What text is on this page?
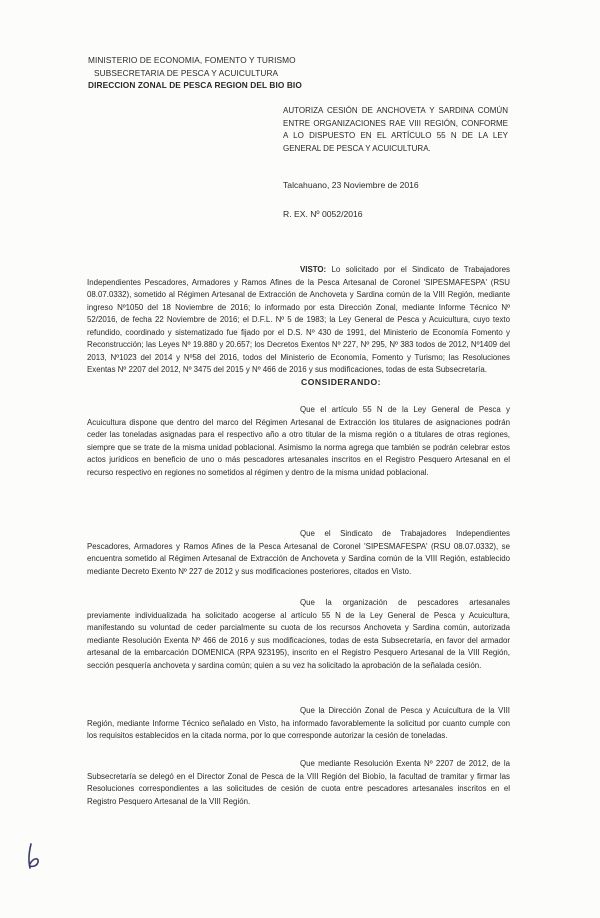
MINISTERIO DE ECONOMIA, FOMENTO Y TURISMO
SUBSECRETARIA DE PESCA Y ACUICULTURA
DIRECCION ZONAL DE PESCA REGION DEL BIO BIO
AUTORIZA CESIÓN DE ANCHOVETA Y SARDINA COMÚN ENTRE ORGANIZACIONES RAE VIII REGIÓN, CONFORME A LO DISPUESTO EN EL ARTÍCULO 55 N DE LA LEY GENERAL DE PESCA Y ACUICULTURA.
Talcahuano, 23 Noviembre de 2016
R. EX. Nº 0052/2016
VISTO: Lo solicitado por el Sindicato de Trabajadores Independientes Pescadores, Armadores y Ramos Afines de la Pesca Artesanal de Coronel 'SIPESMAFESPA' (RSU 08.07.0332), sometido al Régimen Artesanal de Extracción de Anchoveta y Sardina común de la VIII Región, mediante ingreso Nº1050 del 18 Noviembre de 2016; lo informado por esta Dirección Zonal, mediante Informe Técnico Nº 52/2016, de fecha 22 Noviembre de 2016; el D.F.L. Nº 5 de 1983; la Ley General de Pesca y Acuicultura, cuyo texto refundido, coordinado y sistematizado fue fijado por el D.S. Nº 430 de 1991, del Ministerio de Economía Fomento y Reconstrucción; las Leyes Nº 19.880 y 20.657; los Decretos Exentos Nº 227, Nº 295, Nº 383 todos de 2012, Nº1409 del 2013, Nº1023 del 2014 y Nº58 del 2016, todos del Ministerio de Economía, Fomento y Turismo; las Resoluciones Exentas Nº 2207 del 2012, Nº 3475 del 2015 y Nº 466 de 2016 y sus modificaciones, todas de esta Subsecretaría.
CONSIDERANDO:
Que el artículo 55 N de la Ley General de Pesca y Acuicultura dispone que dentro del marco del Régimen Artesanal de Extracción los titulares de asignaciones podrán ceder las toneladas asignadas para el respectivo año a otro titular de la misma región o a titulares de otras regiones, siempre que se trate de la misma unidad poblacional. Asimismo la norma agrega que también se podrán celebrar estos actos jurídicos en beneficio de uno o más pescadores artesanales inscritos en el Registro Pesquero Artesanal en el recurso respectivo en regiones no sometidos al régimen y dentro de la misma unidad poblacional.
Que el Sindicato de Trabajadores Independientes Pescadores, Armadores y Ramos Afines de la Pesca Artesanal de Coronel 'SIPESMAFESPA' (RSU 08.07.0332), se encuentra sometido al Régimen Artesanal de Extracción de Anchoveta y Sardina común de la VIII Región, establecido mediante Decreto Exento Nº 227 de 2012 y sus modificaciones posteriores, citados en Visto.
Que la organización de pescadores artesanales previamente individualizada ha solicitado acogerse al artículo 55 N de la Ley General de Pesca y Acuicultura, manifestando su voluntad de ceder parcialmente su cuota de los recursos Anchoveta y Sardina común, autorizada mediante Resolución Exenta Nº 466 de 2016 y sus modificaciones, todas de esta Subsecretaría, en favor del armador artesanal de la embarcación DOMENICA (RPA 923195), inscrito en el Registro Pesquero Artesanal de la VIII Región, sección pesquería anchoveta y sardina común; quien a su vez ha solicitado la aprobación de la señalada cesión.
Que la Dirección Zonal de Pesca y Acuicultura de la VIII Región, mediante Informe Técnico señalado en Visto, ha informado favorablemente la solicitud por cuanto cumple con los requisitos establecidos en la citada norma, por lo que corresponde autorizar la cesión de toneladas.
Que mediante Resolución Exenta Nº 2207 de 2012, de la Subsecretaría se delegó en el Director Zonal de Pesca de la VIII Región del Biobío, la facultad de tramitar y firmar las Resoluciones correspondientes a las solicitudes de cesión de cuota entre pescadores artesanales inscritos en el Registro Pesquero Artesanal de la VIII Región.
